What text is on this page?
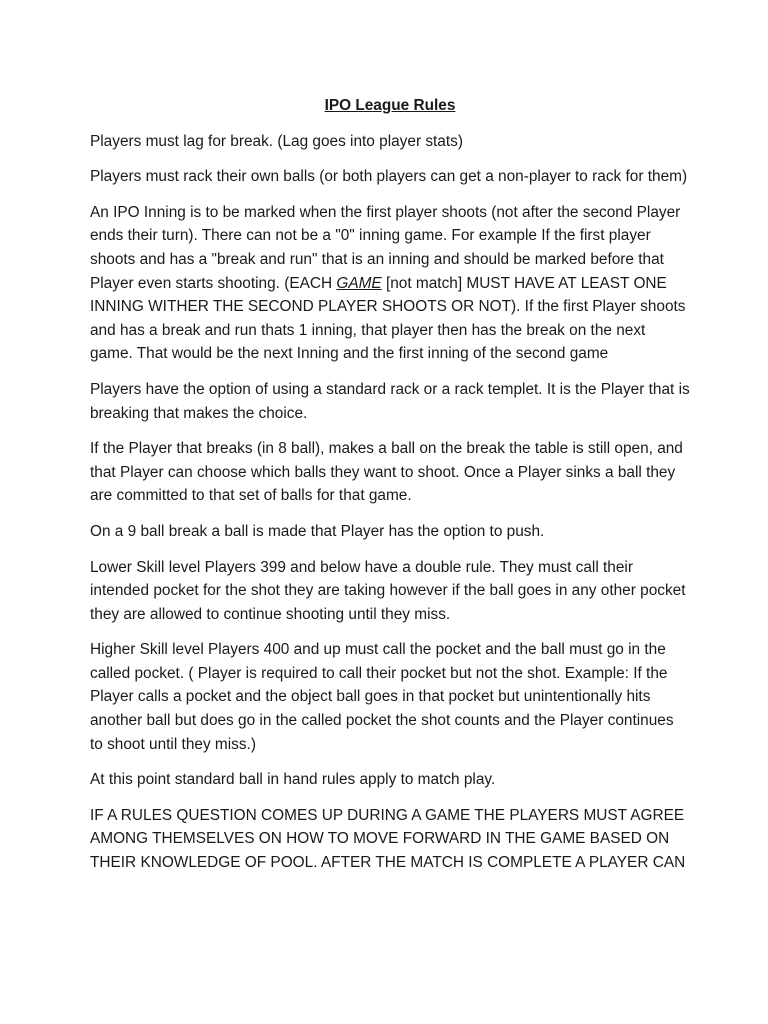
IPO League Rules

Players must lag for break. (Lag goes into player stats)

Players must rack their own balls (or both players can get a non-player to rack for them)

An IPO Inning is to be marked when the first player shoots (not after the second Player ends their turn). There can not be a "0" inning game. For example If the first player shoots and has a "break and run" that is an inning and should be marked before that Player even starts shooting. (EACH GAME [not match] MUST HAVE AT LEAST ONE INNING WITHER THE SECOND PLAYER SHOOTS OR NOT). If the first Player shoots and has a break and run thats 1 inning, that player then has the break on the next game. That would be the next Inning and the first inning of the second game

Players have the option of using a standard rack or a rack templet. It is the Player that is breaking that makes the choice.

If the Player that breaks (in 8 ball), makes a ball on the break the table is still open, and that Player can choose which balls they want to shoot. Once a Player sinks a ball they are committed to that set of balls for that game.

On a 9 ball break a ball is made that Player has the option to push.

Lower Skill level Players 399 and below have a double rule. They must call their intended pocket for the shot they are taking however if the ball goes in any other pocket they are allowed to continue shooting until they miss.

Higher Skill level Players 400 and up must call the pocket and the ball must go in the called pocket. ( Player is required to call their pocket but not the shot. Example: If the Player calls a pocket and the object ball goes in that pocket but unintentionally hits another ball but does go in the called pocket the shot counts and the Player continues to shoot until they miss.)

At this point standard ball in hand rules apply to match play.

IF A RULES QUESTION COMES UP DURING A GAME THE PLAYERS MUST AGREE AMONG THEMSELVES ON HOW TO MOVE FORWARD IN THE GAME BASED ON THEIR KNOWLEDGE OF POOL. AFTER THE MATCH IS COMPLETE A PLAYER CAN
